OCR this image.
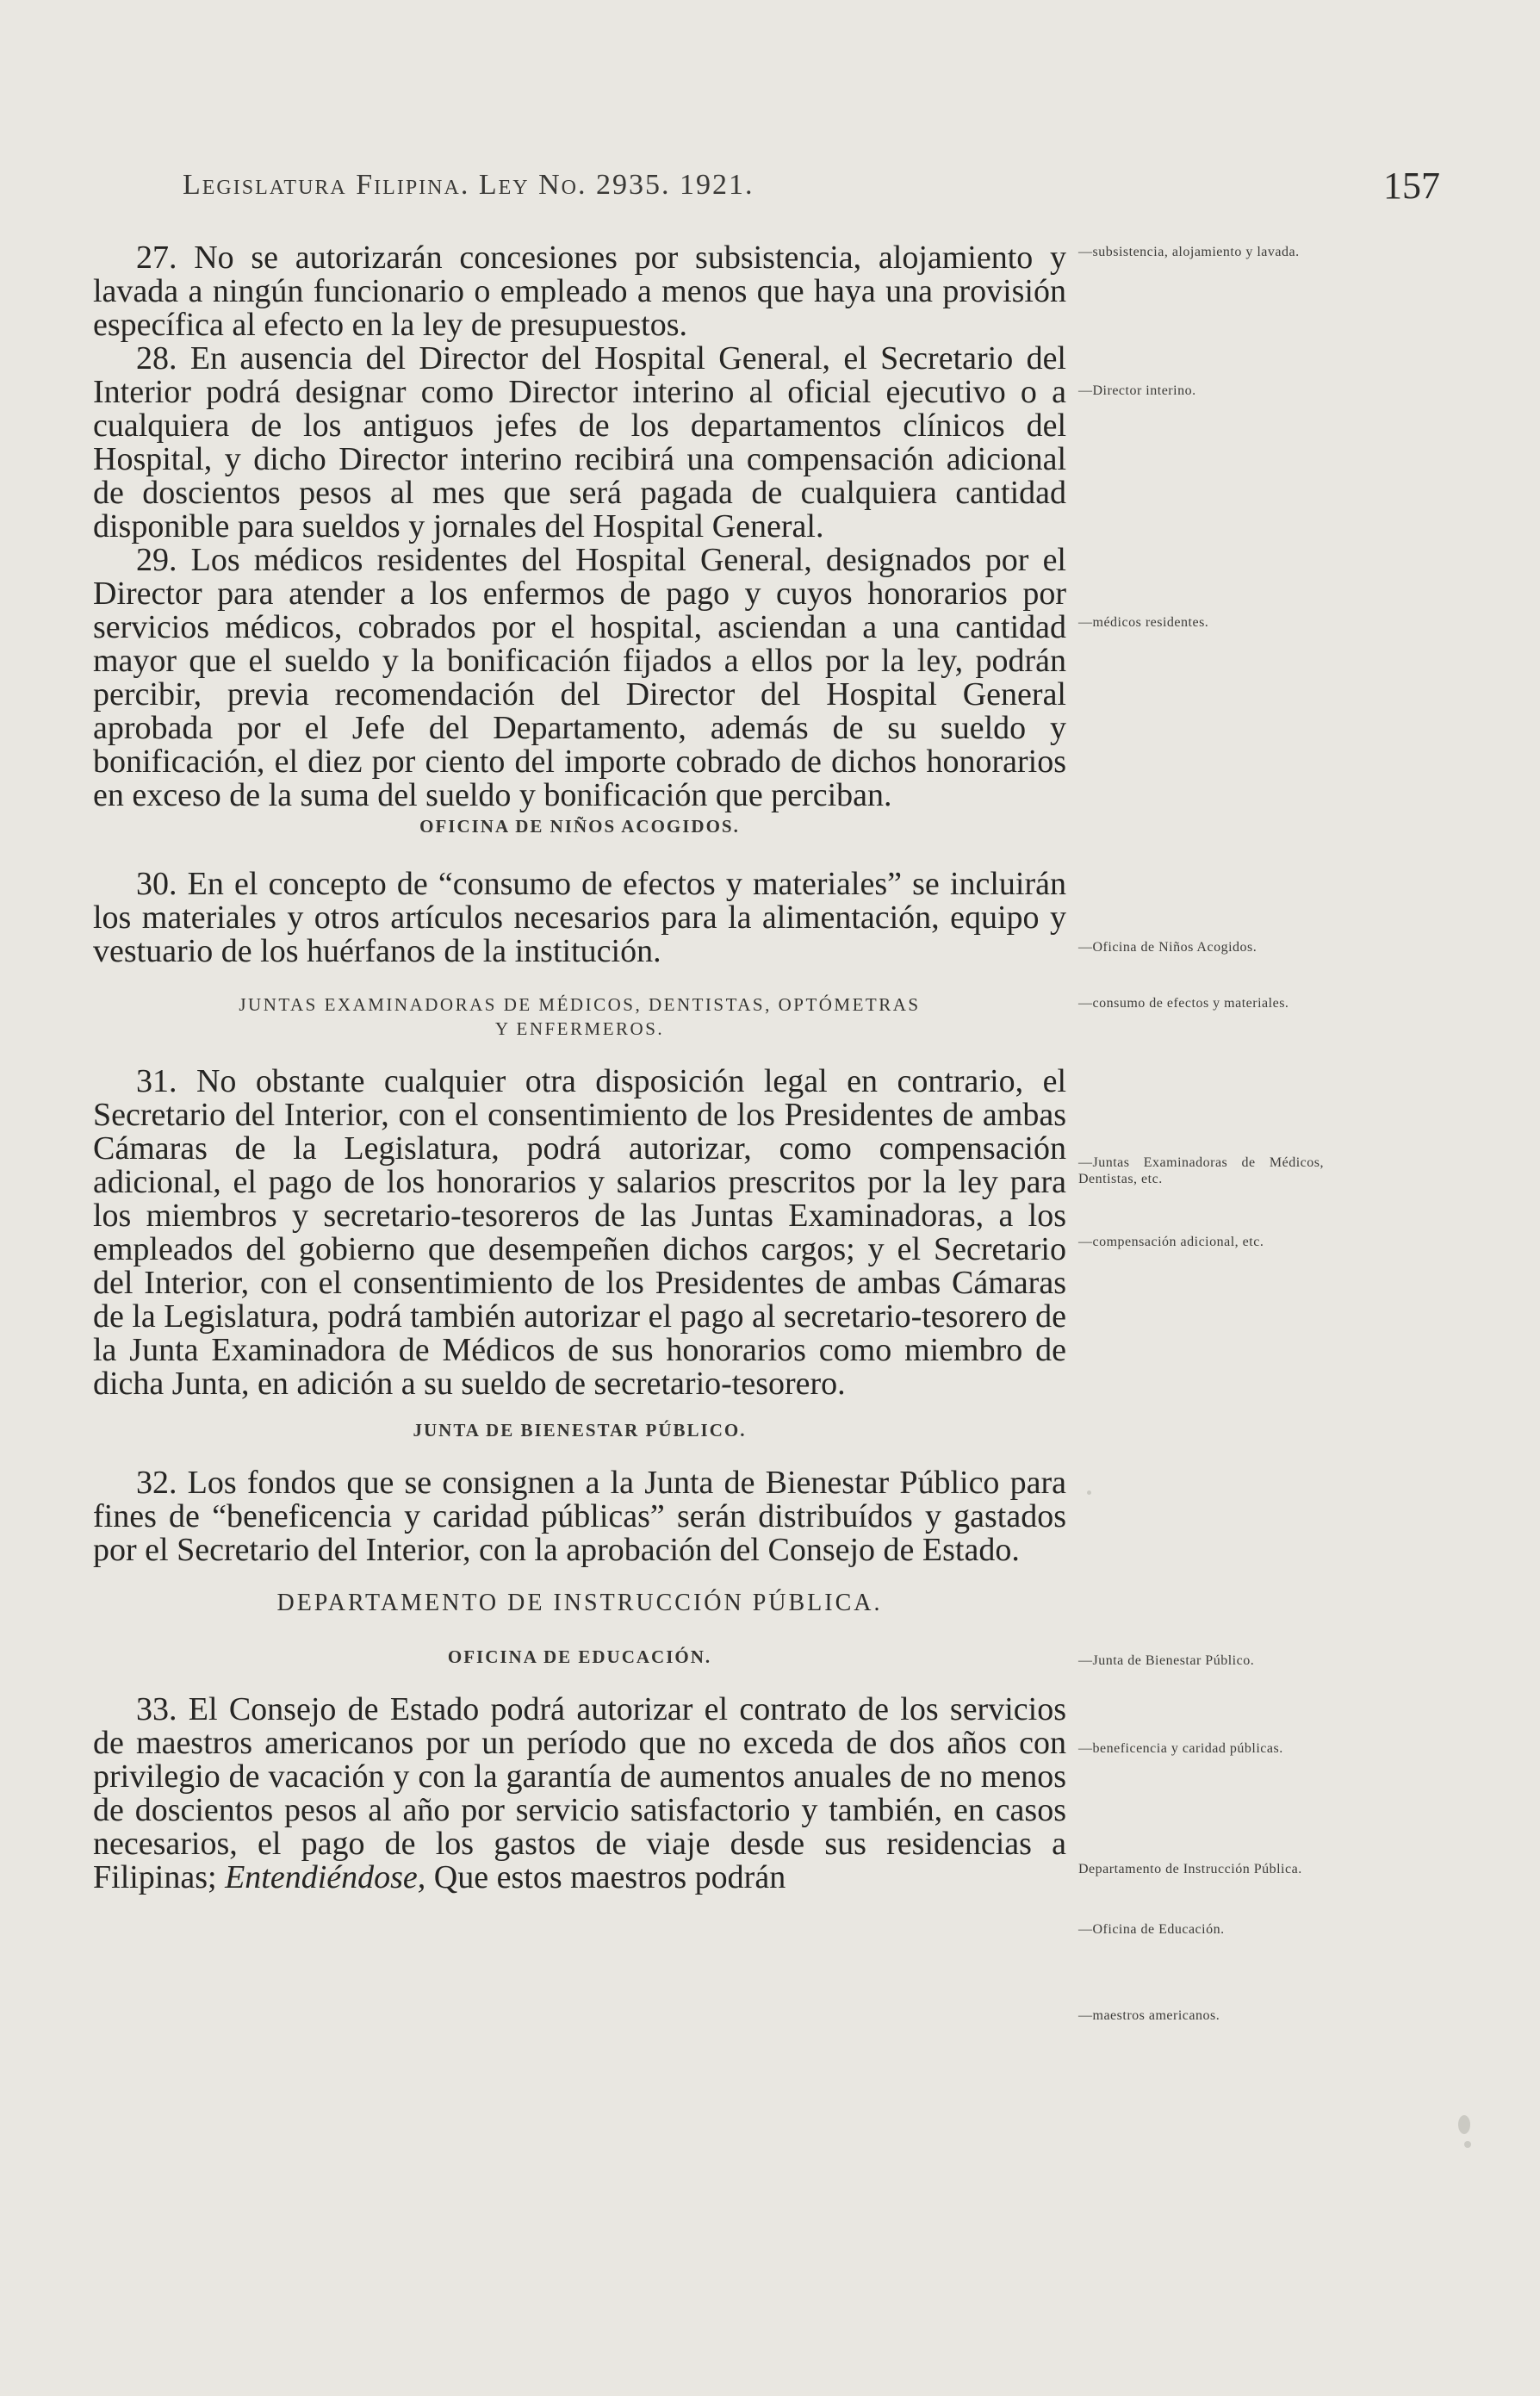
Legislatura Filipina. Ley No. 2935. 1921.	157

27. No se autorizarán concesiones por subsistencia, alojamiento y lavada a ningún funcionario o empleado a menos que haya una provisión específica al efecto en la ley de presupuestos.

28. En ausencia del Director del Hospital General, el Secretario del Interior podrá designar como Director interino al oficial ejecutivo o a cualquiera de los antiguos jefes de los departamentos clínicos del Hospital, y dicho Director interino recibirá una compensación adicional de doscientos pesos al mes que será pagada de cualquiera cantidad disponible para sueldos y jornales del Hospital General.

29. Los médicos residentes del Hospital General, designados por el Director para atender a los enfermos de pago y cuyos honorarios por servicios médicos, cobrados por el hospital, asciendan a una cantidad mayor que el sueldo y la bonificación fijados a ellos por la ley, podrán percibir, previa recomendación del Director del Hospital General aprobada por el Jefe del Departamento, además de su sueldo y bonificación, el diez por ciento del importe cobrado de dichos honorarios en exceso de la suma del sueldo y bonificación que perciban.

OFICINA DE NIÑOS ACOGIDOS.

30. En el concepto de “consumo de efectos y materiales” se incluirán los materiales y otros artículos necesarios para la alimentación, equipo y vestuario de los huérfanos de la institución.

JUNTAS EXAMINADORAS DE MÉDICOS, DENTISTAS, OPTÓMETRAS

Y ENFERMEROS.

31. No obstante cualquier otra disposición legal en contrario, el Secretario del Interior, con el consentimiento de los Presidentes de ambas Cámaras de la Legislatura, podrá autorizar, como compensación adicional, el pago de los honorarios y salarios prescritos por la ley para los miembros y secretario-tesoreros de las Juntas Examinadoras, a los empleados del gobierno que desempeñen dichos cargos; y el Secretario del Interior, con el consentimiento de los Presidentes de ambas Cámaras de la Legislatura, podrá también autorizar el pago al secretario-tesorero de la Junta Examinadora de Médicos de sus honorarios como miembro de dicha Junta, en adición a su sueldo de secretario-tesorero.

JUNTA DE BIENESTAR PÚBLICO.

32. Los fondos que se consignen a la Junta de Bienestar Público para fines de “beneficencia y caridad públicas” serán distribuídos y gastados por el Secretario del Interior, con la aprobación del Consejo de Estado.

DEPARTAMENTO DE INSTRUCCIÓN PÚBLICA.

OFICINA DE EDUCACIÓN.

33. El Consejo de Estado podrá autorizar el contrato de los servicios de maestros americanos por un período que no exceda de dos años con privilegio de vacación y con la garantía de aumentos anuales de no menos de doscientos pesos al año por servicio satisfactorio y también, en casos necesarios, el pago de los gastos de viaje desde sus residencias a Filipinas; Entendiéndose, Que estos maestros podrán

—subsistencia, alojamiento y lavada.

—Director interino.

—médicos residentes.

—Oficina de Niños Acogidos.

—consumo de efectos y materiales.

—Juntas Examinadoras de Médicos, Dentistas, etc.

—compensación adicional, etc.

—Junta de Bienestar Público.

—beneficencia y caridad públicas.

Departamento de Instrucción Pública.

—Oficina de Educación.

—maestros americanos.
